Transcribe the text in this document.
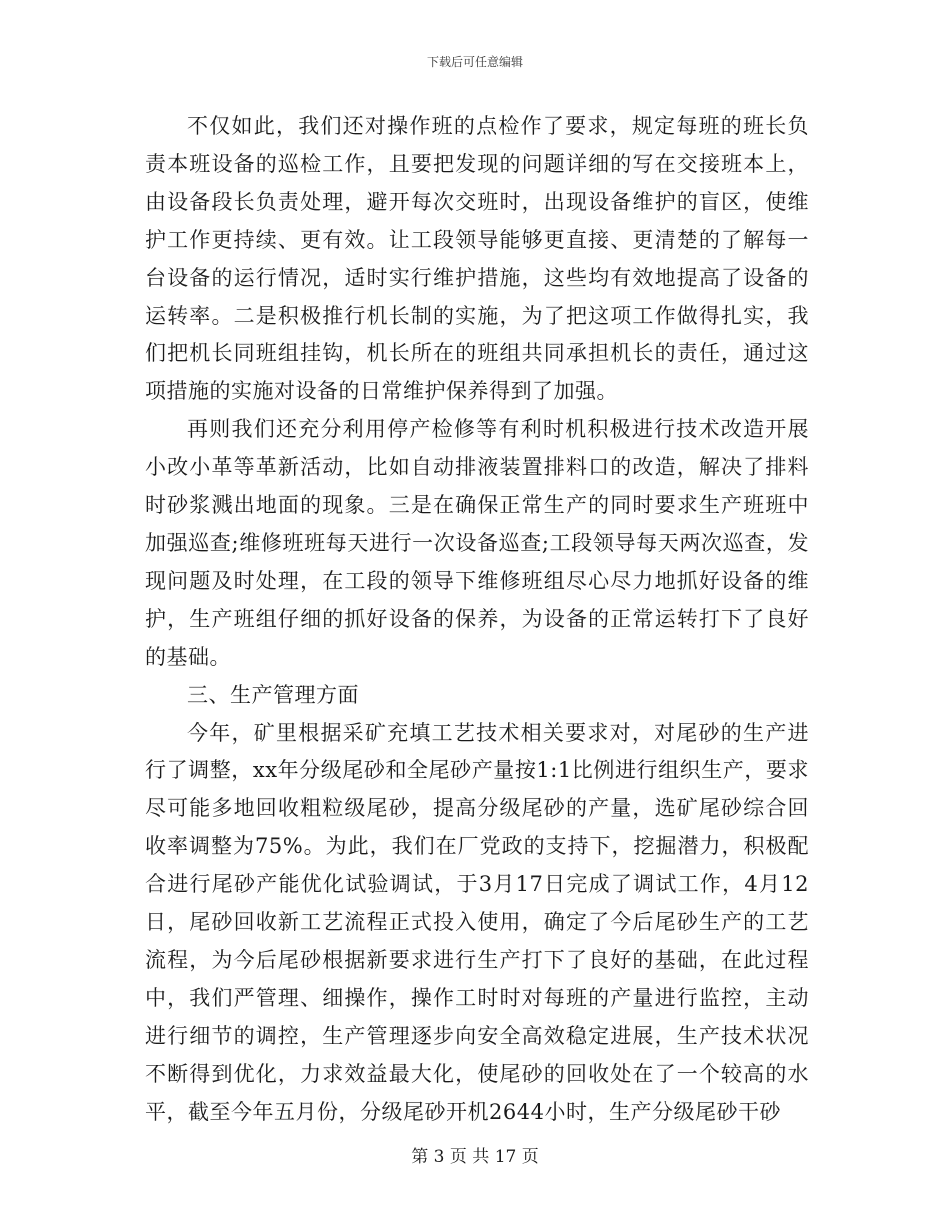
下载后可任意编辑

不仅如此，我们还对操作班的点检作了要求，规定每班的班长负责本班设备的巡检工作，且要把发现的问题详细的写在交接班本上，由设备段长负责处理，避开每次交班时，出现设备维护的盲区，使维护工作更持续、更有效。让工段领导能够更直接、更清楚的了解每一台设备的运行情况，适时实行维护措施，这些均有效地提高了设备的运转率。二是积极推行机长制的实施，为了把这项工作做得扎实，我们把机长同班组挂钩，机长所在的班组共同承担机长的责任，通过这项措施的实施对设备的日常维护保养得到了加强。

再则我们还充分利用停产检修等有利时机积极进行技术改造开展小改小革等革新活动，比如自动排液装置排料口的改造，解决了排料时砂浆溅出地面的现象。三是在确保正常生产的同时要求生产班班中加强巡查;维修班班每天进行一次设备巡查;工段领导每天两次巡查，发现问题及时处理，在工段的领导下维修班组尽心尽力地抓好设备的维护，生产班组仔细的抓好设备的保养，为设备的正常运转打下了良好的基础。

三、生产管理方面

今年，矿里根据采矿充填工艺技术相关要求对，对尾砂的生产进行了调整，xx年分级尾砂和全尾砂产量按1:1比例进行组织生产，要求尽可能多地回收粗粒级尾砂，提高分级尾砂的产量，选矿尾砂综合回收率调整为75%。为此，我们在厂党政的支持下，挖掘潜力，积极配合进行尾砂产能优化试验调试，于3月17日完成了调试工作，4月12日，尾砂回收新工艺流程正式投入使用，确定了今后尾砂生产的工艺流程，为今后尾砂根据新要求进行生产打下了良好的基础，在此过程中，我们严管理、细操作，操作工时时对每班的产量进行监控，主动进行细节的调控，生产管理逐步向安全高效稳定进展，生产技术状况不断得到优化，力求效益最大化，使尾砂的回收处在了一个较高的水平，截至今年五月份，分级尾砂开机2644小时，生产分级尾砂干砂

第 3 页 共 17 页
